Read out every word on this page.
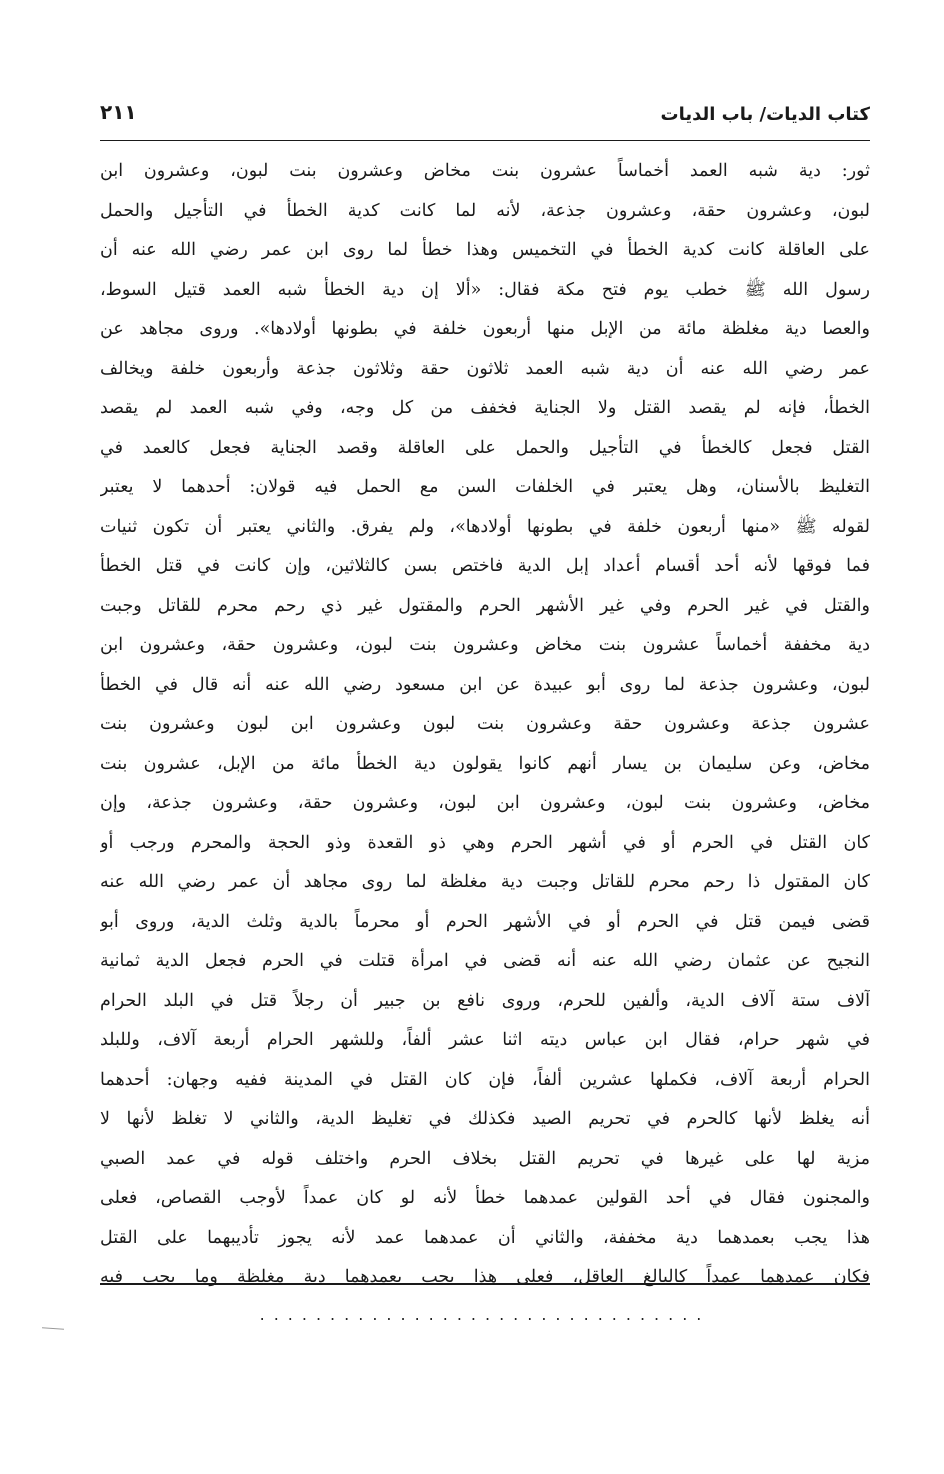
كتاب الديات/ باب الديات
٢١١
ثور: دية شبه العمد أخماساً عشرون بنت مخاض وعشرون بنت لبون، وعشرون ابن
لبون، وعشرون حقة، وعشرون جذعة، لأنه لما كانت كدية الخطأ في التأجيل والحمل
على العاقلة كانت كدية الخطأ في التخميس وهذا خطأ لما روى ابن عمر رضي الله عنه أن
رسول الله ﷺ خطب يوم فتح مكة فقال: «ألا إن دية الخطأ شبه العمد قتيل السوط،
والعصا دية مغلظة مائة من الإبل منها أربعون خلفة في بطونها أولادها». وروى مجاهد عن
عمر رضي الله عنه أن دية شبه العمد ثلاثون حقة وثلاثون جذعة وأربعون خلفة ويخالف
الخطأ، فإنه لم يقصد القتل ولا الجناية فخفف من كل وجه، وفي شبه العمد لم يقصد
القتل فجعل كالخطأ في التأجيل والحمل على العاقلة وقصد الجناية فجعل كالعمد في
التغليظ بالأسنان، وهل يعتبر في الخلفات السن مع الحمل فيه قولان: أحدهما لا يعتبر
لقوله ﷺ «منها أربعون خلفة في بطونها أولادها»، ولم يفرق. والثاني يعتبر أن تكون ثنيات
فما فوقها لأنه أحد أقسام أعداد إبل الدية فاختص بسن كالثلاثين، وإن كانت في قتل الخطأ
والقتل في غير الحرم وفي غير الأشهر الحرم والمقتول غير ذي رحم محرم للقاتل وجبت
دية مخففة أخماساً عشرون بنت مخاض وعشرون بنت لبون، وعشرون حقة، وعشرون ابن
لبون، وعشرون جذعة لما روى أبو عبيدة عن ابن مسعود رضي الله عنه أنه قال في الخطأ
عشرون جذعة وعشرون حقة وعشرون بنت لبون وعشرون ابن لبون وعشرون بنت
مخاض، وعن سليمان بن يسار أنهم كانوا يقولون دية الخطأ مائة من الإبل، عشرون بنت
مخاض، وعشرون بنت لبون، وعشرون ابن لبون، وعشرون حقة، وعشرون جذعة، وإن
كان القتل في الحرم أو في أشهر الحرم وهي ذو القعدة وذو الحجة والمحرم ورجب أو
كان المقتول ذا رحم محرم للقاتل وجبت دية مغلظة لما روى مجاهد أن عمر رضي الله عنه
قضى فيمن قتل في الحرم أو في الأشهر الحرم أو محرماً بالدية وثلث الدية، وروى أبو
النجيح عن عثمان رضي الله عنه أنه قضى في امرأة قتلت في الحرم فجعل الدية ثمانية
آلاف ستة آلاف الدية، وألفين للحرم، وروى نافع بن جبير أن رجلاً قتل في البلد الحرام
في شهر حرام، فقال ابن عباس ديته اثنا عشر ألفاً، وللشهر الحرام أربعة آلاف، وللبلد
الحرام أربعة آلاف، فكملها عشرين ألفاً، فإن كان القتل في المدينة ففيه وجهان: أحدهما
أنه يغلظ لأنها كالحرم في تحريم الصيد فكذلك في تغليظ الدية، والثاني لا تغلظ لأنها لا
مزية لها على غيرها في تحريم القتل بخلاف الحرم واختلف قوله في عمد الصبي
والمجنون فقال في أحد القولين عمدهما خطأ لأنه لو كان عمداً لأوجب القصاص، فعلى
هذا يجب بعمدهما دية مخففة، والثاني أن عمدهما عمد لأنه يجوز تأديبهما على القتل
فكان عمدهما عمداً كالبالغ العاقل، فعلى هذا يجب بعمدهما دية مغلظة وما يجب فيه
................................
